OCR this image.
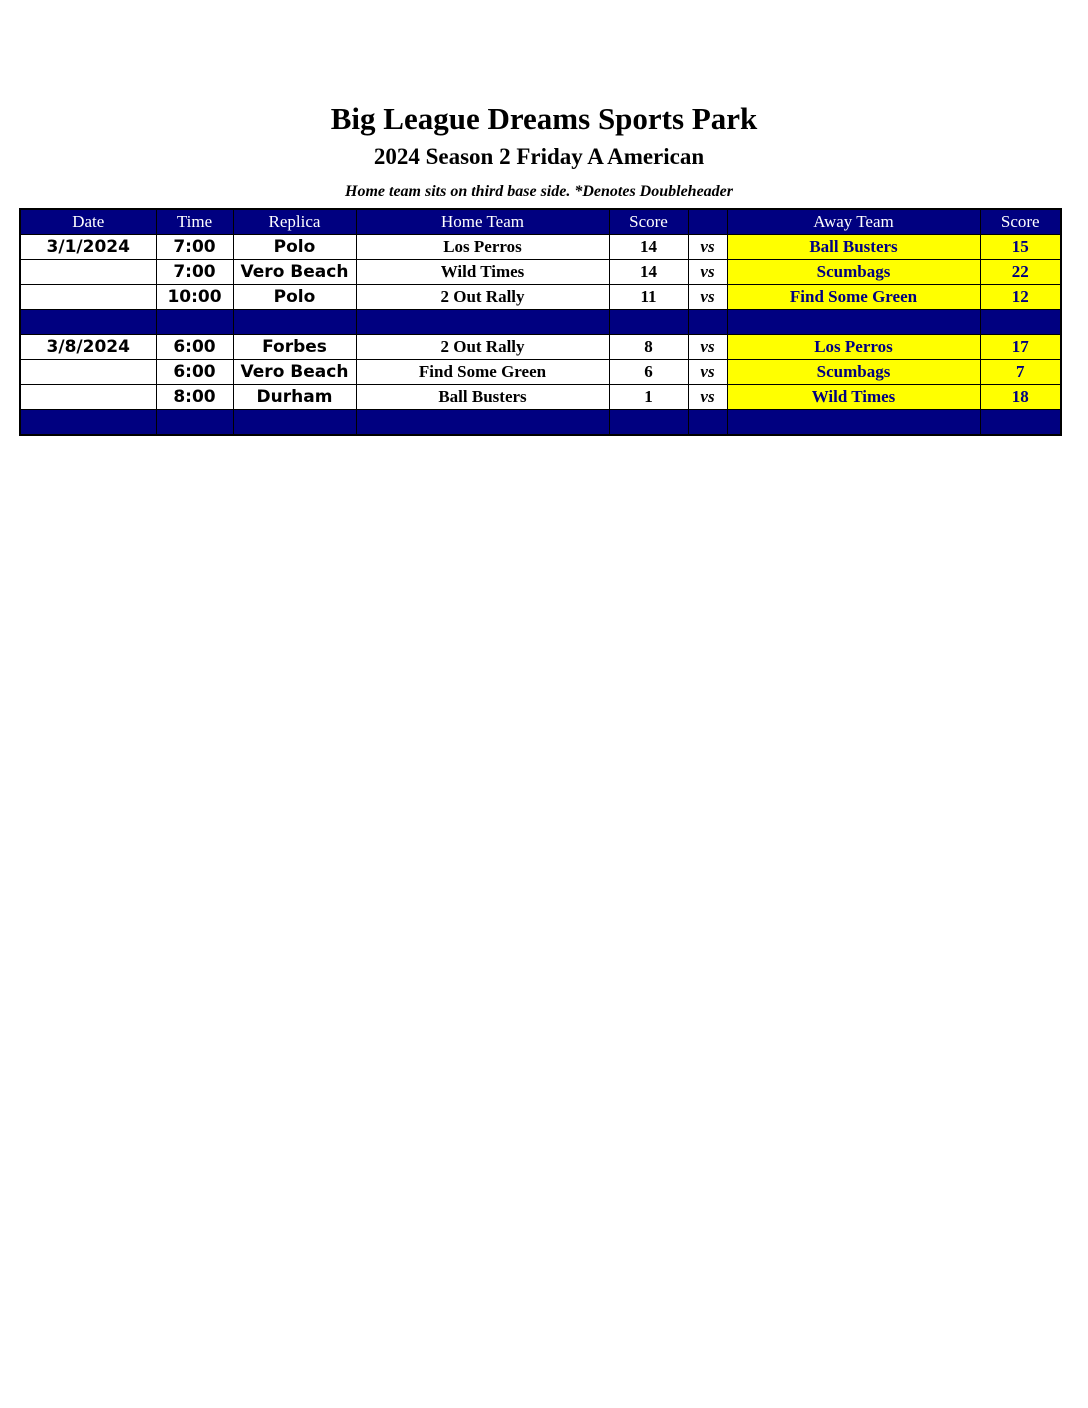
Big League Dreams Sports Park
2024 Season 2 Friday A American
Home team sits on third base side. *Denotes Doubleheader
Date	Time	Replica	Home Team	Score		Away Team	Score
3/1/2024	7:00	Polo	Los Perros	14	vs	Ball Busters	15
	7:00	Vero Beach	Wild Times	14	vs	Scumbags	22
	10:00	Polo	2 Out Rally	11	vs	Find Some Green	12

3/8/2024	6:00	Forbes	2 Out Rally	8	vs	Los Perros	17
	6:00	Vero Beach	Find Some Green	6	vs	Scumbags	7
	8:00	Durham	Ball Busters	1	vs	Wild Times	18
